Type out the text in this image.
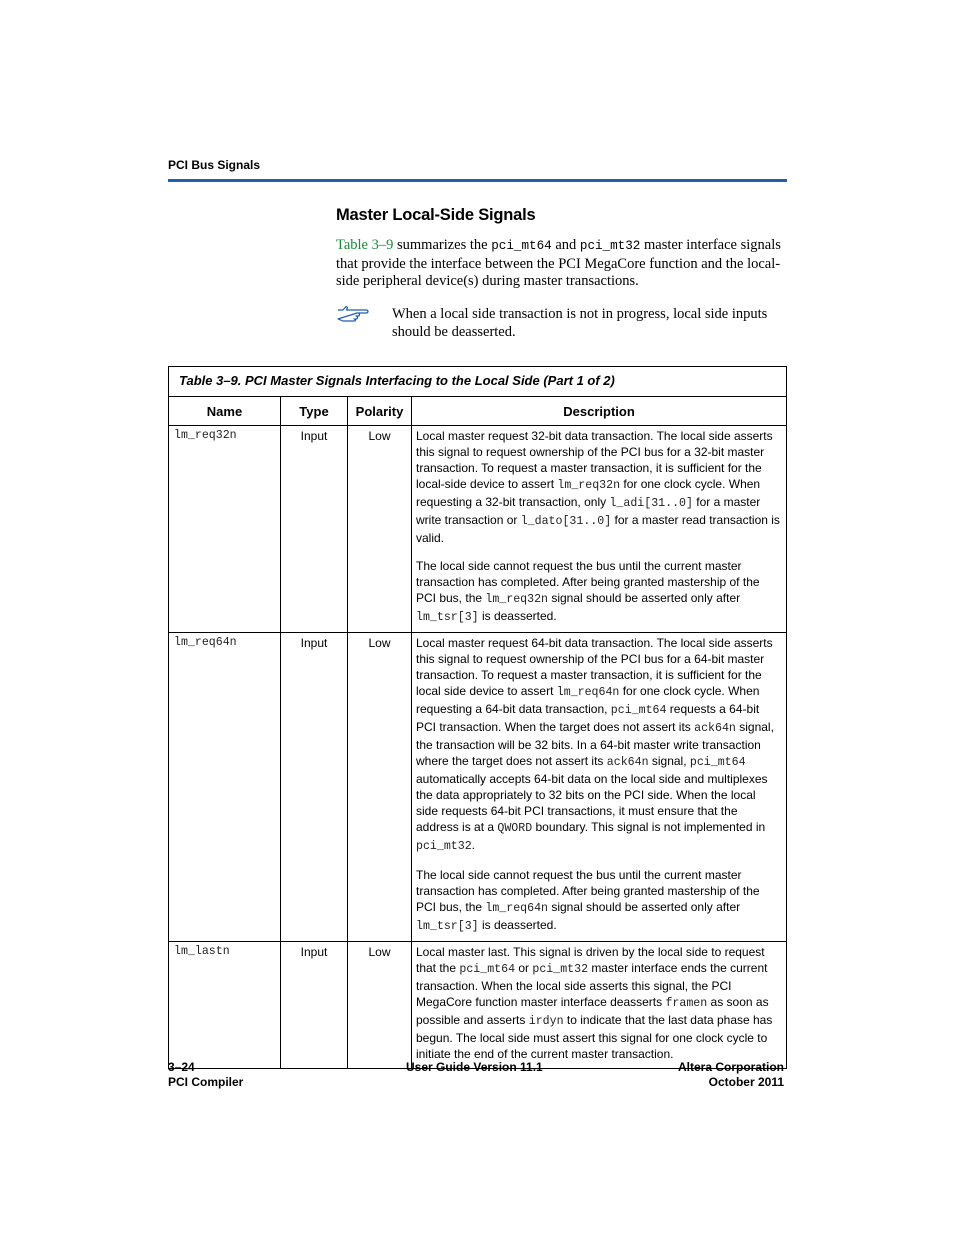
PCI Bus Signals
Master Local-Side Signals
Table 3–9 summarizes the pci_mt64 and pci_mt32 master interface signals that provide the interface between the PCI MegaCore function and the local-side peripheral device(s) during master transactions.
When a local side transaction is not in progress, local side inputs should be deasserted.
Table 3–9. PCI Master Signals Interfacing to the Local Side (Part 1 of 2)			
Name	Type	Polarity	Description
lm_req32n	Input	Low	Local master request 32-bit data transaction. The local side asserts this signal to request ownership of the PCI bus for a 32-bit master transaction. To request a master transaction, it is sufficient for the local-side device to assert lm_req32n for one clock cycle. When requesting a 32-bit transaction, only l_adi[31..0] for a master write transaction or l_dato[31..0] for a master read transaction is valid.

The local side cannot request the bus until the current master transaction has completed. After being granted mastership of the PCI bus, the lm_req32n signal should be asserted only after lm_tsr[3] is deasserted.

lm_req64n	Input	Low	Local master request 64-bit data transaction. The local side asserts this signal to request ownership of the PCI bus for a 64-bit master transaction. To request a master transaction, it is sufficient for the local side device to assert lm_req64n for one clock cycle. When requesting a 64-bit data transaction, pci_mt64 requests a 64-bit PCI transaction. When the target does not assert its ack64n signal, the transaction will be 32 bits. In a 64-bit master write transaction where the target does not assert its ack64n signal, pci_mt64 automatically accepts 64-bit data on the local side and multiplexes the data appropriately to 32 bits on the PCI side. When the local side requests 64-bit PCI transactions, it must ensure that the address is at a QWORD boundary. This signal is not implemented in pci_mt32.

The local side cannot request the bus until the current master transaction has completed. After being granted mastership of the PCI bus, the lm_req64n signal should be asserted only after lm_tsr[3] is deasserted.

lm_lastn	Input	Low	Local master last. This signal is driven by the local side to request that the pci_mt64 or pci_mt32 master interface ends the current transaction. When the local side asserts this signal, the PCI MegaCore function master interface deasserts framen as soon as possible and asserts irdyn to indicate that the last data phase has begun. The local side must assert this signal for one clock cycle to initiate the end of the current master transaction.

3–24
PCI Compiler
User Guide Version 11.1	Altera Corporation
October 2011
